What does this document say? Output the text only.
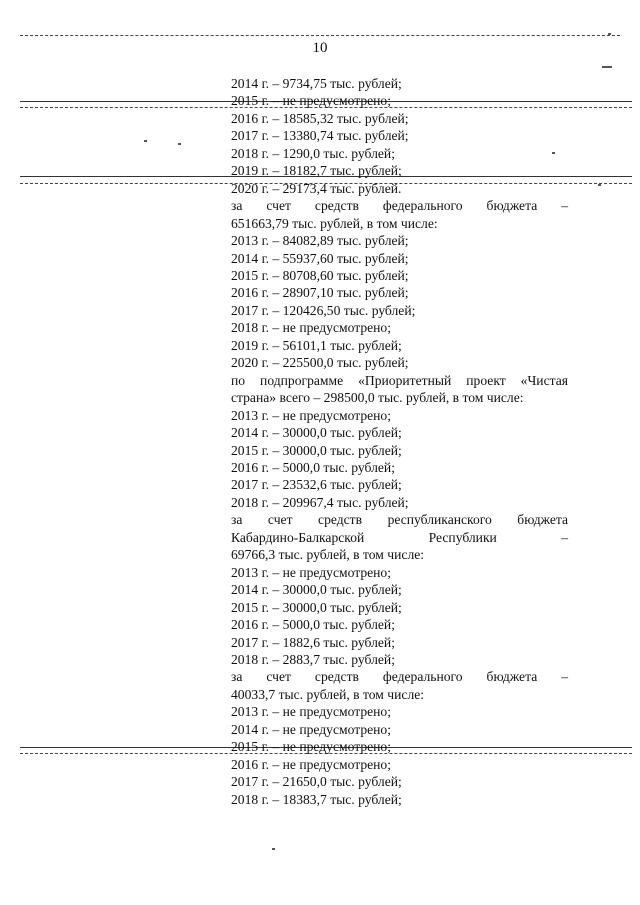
10
2014 г. – 9734,75 тыс. рублей;
2015 г. – не предусмотрено;
2016 г. – 18585,32 тыс. рублей;
2017 г. – 13380,74 тыс. рублей;
2018 г. – 1290,0 тыс. рублей;
2019 г. – 18182,7 тыс. рублей;
2020 г. – 29173,4 тыс. рублей.
за счет средств федерального бюджета –
651663,79 тыс. рублей, в том числе:
2013 г. – 84082,89 тыс. рублей;
2014 г. – 55937,60 тыс. рублей;
2015 г. – 80708,60 тыс. рублей;
2016 г. – 28907,10 тыс. рублей;
2017 г. – 120426,50 тыс. рублей;
2018 г. – не предусмотрено;
2019 г. – 56101,1 тыс. рублей;
2020 г. – 225500,0 тыс. рублей;
по подпрограмме «Приоритетный проект «Чистая
страна» всего – 298500,0 тыс. рублей, в том числе:
2013 г. – не предусмотрено;
2014 г. – 30000,0 тыс. рублей;
2015 г. – 30000,0 тыс. рублей;
2016 г. – 5000,0 тыс. рублей;
2017 г. – 23532,6 тыс. рублей;
2018 г. – 209967,4 тыс. рублей;
за счет средств республиканского бюджета
Кабардино-Балкарской Республики –
69766,3 тыс. рублей, в том числе:
2013 г. – не предусмотрено;
2014 г. – 30000,0 тыс. рублей;
2015 г. – 30000,0 тыс. рублей;
2016 г. – 5000,0 тыс. рублей;
2017 г. – 1882,6 тыс. рублей;
2018 г. – 2883,7 тыс. рублей;
за счет средств федерального бюджета –
40033,7 тыс. рублей, в том числе:
2013 г. – не предусмотрено;
2014 г. – не предусмотрено;
2015 г. – не предусмотрено;
2016 г. – не предусмотрено;
2017 г. – 21650,0 тыс. рублей;
2018 г. – 18383,7 тыс. рублей;
